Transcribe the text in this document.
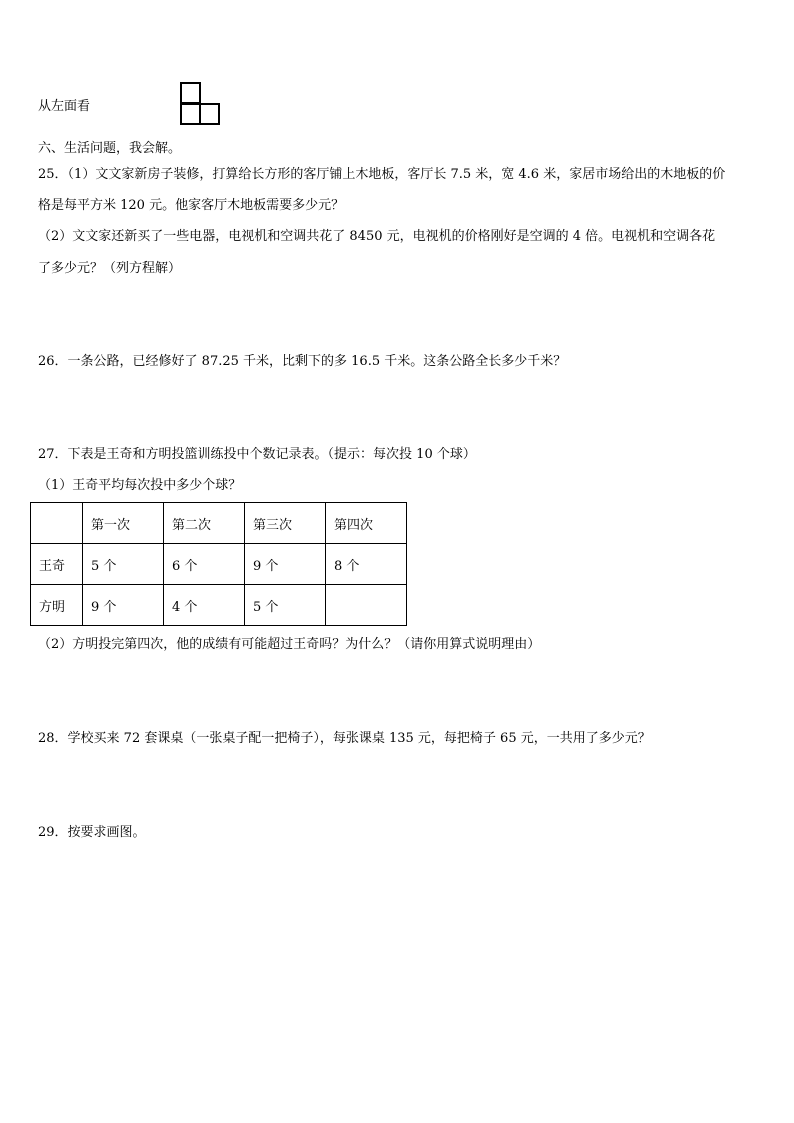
从左面看
六、生活问题，我会解。
25．（1）文文家新房子装修，打算给长方形的客厅铺上木地板，客厅长 7.5 米，宽 4.6 米，家居市场给出的木地板的价
格是每平方米 120 元。他家客厅木地板需要多少元？
（2）文文家还新买了一些电器，电视机和空调共花了 8450 元，电视机的价格刚好是空调的 4 倍。电视机和空调各花
了多少元？（列方程解）
26．一条公路，已经修好了 87.25 千米，比剩下的多 16.5 千米。这条公路全长多少千米？
27．下表是王奇和方明投篮训练投中个数记录表。（提示：每次投 10 个球）
（1）王奇平均每次投中多少个球？
	第一次	第二次	第三次	第四次
王奇	5 个	6 个	9 个	8 个
方明	9 个	4 个	5 个	
（2）方明投完第四次，他的成绩有可能超过王奇吗？为什么？（请你用算式说明理由）
28．学校买来 72 套课桌（一张桌子配一把椅子），每张课桌 135 元，每把椅子 65 元，一共用了多少元？
29．按要求画图。
